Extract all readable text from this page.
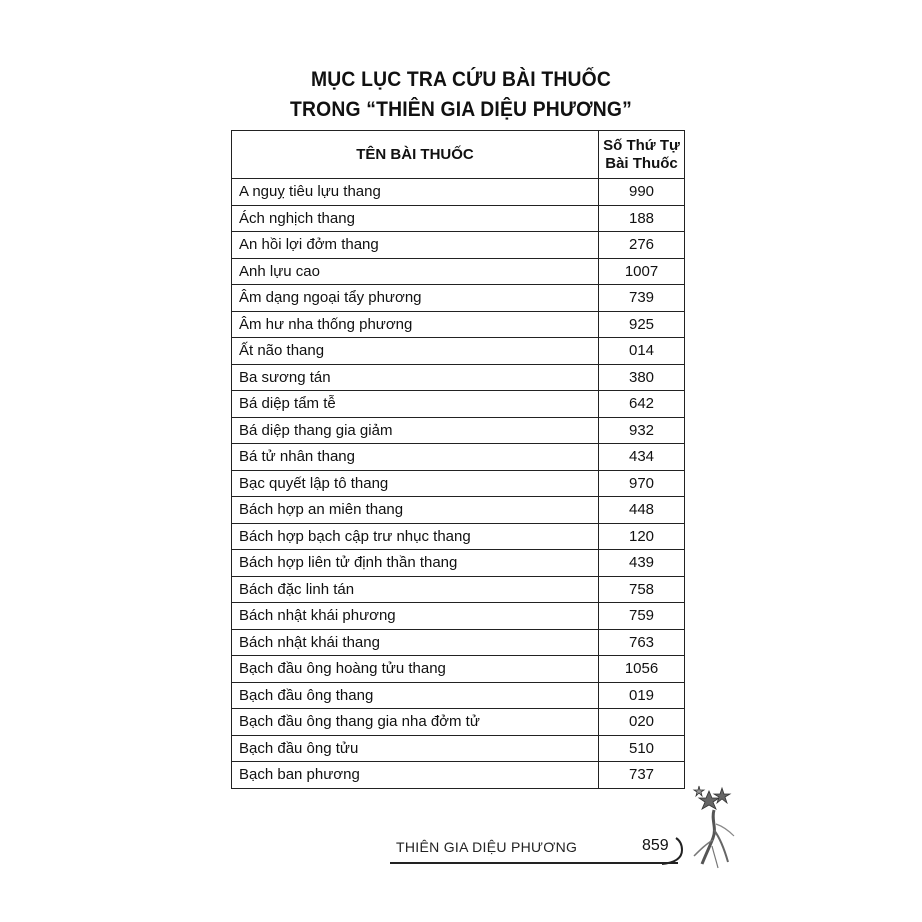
MỤC LỤC TRA CỨU BÀI THUỐC
TRONG “THIÊN GIA DIỆU PHƯƠNG”
TÊN BÀI THUỐC	Số Thứ Tự
Bài Thuốc

A nguỵ tiêu lựu thang	990
Ách nghịch thang	188
An hồi lợi đởm thang	276
Anh lựu cao	1007
Âm dạng ngoại tẩy phương	739
Âm hư nha thống phương	925
Ất não thang	014
Ba sương tán	380
Bá diệp tẩm tễ	642
Bá diệp thang gia giảm	932
Bá tử nhân thang	434
Bạc quyết lập tô thang	970
Bách hợp an miên thang	448
Bách hợp bạch cập trư nhục thang	120
Bách hợp liên tử định thần thang	439
Bách đặc linh tán	758
Bách nhật khái phương	759
Bách nhật khái thang	763
Bạch đầu ông hoàng tửu thang	1056
Bạch đầu ông thang	019
Bạch đầu ông thang gia nha đởm tử	020
Bạch đầu ông tửu	510
Bạch ban phương	737
THIÊN GIA DIỆU PHƯƠNG	859
